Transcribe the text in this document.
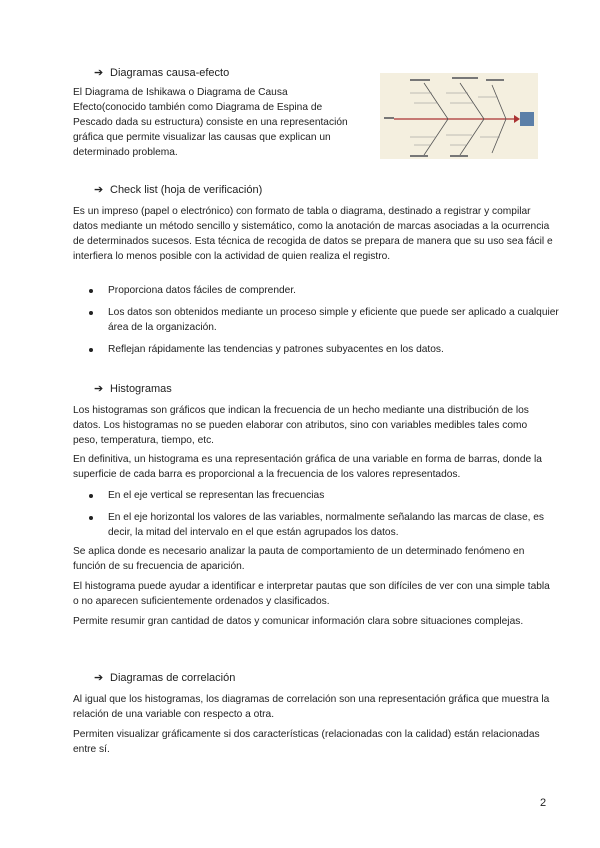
➔ Diagramas causa-efecto

El Diagrama de Ishikawa o Diagrama de Causa Efecto(conocido también como Diagrama de Espina de Pescado dada su estructura) consiste en una representación gráfica que permite visualizar las causas que explican un determinado problema.

➔ Check list (hoja de verificación)

Es un impreso (papel o electrónico) con formato de tabla o diagrama, destinado a registrar y compilar datos mediante un método sencillo y sistemático, como la anotación de marcas asociadas a la ocurrencia de determinados sucesos. Esta técnica de recogida de datos se prepara de manera que su uso sea fácil e interfiera lo menos posible con la actividad de quien realiza el registro.

Proporciona datos fáciles de comprender.
Los datos son obtenidos mediante un proceso simple y eficiente que puede ser aplicado a cualquier área de la organización.
Reflejan rápidamente las tendencias y patrones subyacentes en los datos.
➔ Histogramas

Los histogramas son gráficos que indican la frecuencia de un hecho mediante una distribución de los datos. Los histogramas no se pueden elaborar con atributos, sino con variables medibles tales como peso, temperatura, tiempo, etc.

En definitiva, un histograma es una representación gráfica de una variable en forma de barras, donde la superficie de cada barra es proporcional a la frecuencia de los valores representados.

En el eje vertical se representan las frecuencias
En el eje horizontal los valores de las variables, normalmente señalando las marcas de clase, es decir, la mitad del intervalo en el que están agrupados los datos.

Se aplica donde es necesario analizar la pauta de comportamiento de un determinado fenómeno en función de su frecuencia de aparición.

El histograma puede ayudar a identificar e interpretar pautas que son difíciles de ver con una simple tabla o no aparecen suficientemente ordenados y clasificados.

Permite resumir gran cantidad de datos y comunicar información clara sobre situaciones complejas.

➔ Diagramas de correlación

Al igual que los histogramas, los diagramas de correlación son una representación gráfica que muestra la relación de una variable con respecto a otra.

Permiten visualizar gráficamente si dos características (relacionadas con la calidad) están relacionadas entre sí.

2
